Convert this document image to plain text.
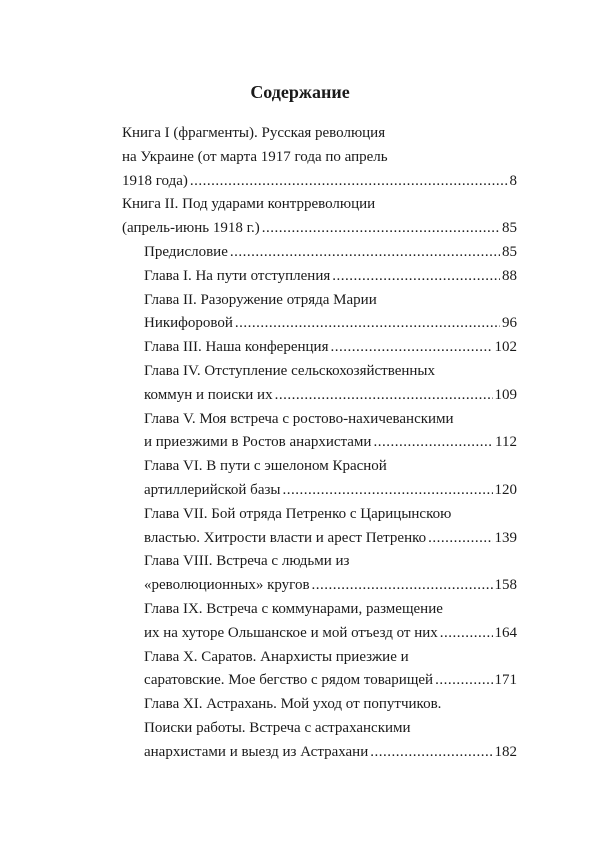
Содержание
Книга I (фрагменты). Русская революция
на Украине (от марта 1917 года по апрель
1918 года) .....	8
Книга II. Под ударами контрреволюции
(апрель-июнь 1918 г.) .....	85
Предисловие .....	85
Глава I. На пути отступления .....	88
Глава II. Разоружение отряда Марии
Никифоровой .....	96
Глава III. Наша конференция .....	102
Глава IV. Отступление сельскохозяйственных
коммун и поиски их .....	109
Глава V. Моя встреча с ростово-нахичеванскими
и приезжими в Ростов анархистами .....	112
Глава VI. В пути с эшелоном Красной
артиллерийской базы .....	120
Глава VII. Бой отряда Петренко с Царицынскою
властью. Хитрости власти и арест Петренко .....	139
Глава VIII. Встреча с людьми из
«революционных» кругов .....	158
Глава IX. Встреча с коммунарами, размещение
их на хуторе Ольшанское и мой отъезд от них .....	164
Глава X. Саратов. Анархисты приезжие и
саратовские. Мое бегство с рядом товарищей .....	171
Глава XI. Астрахань. Мой уход от попутчиков.
Поиски работы. Встреча с астраханскими
анархистами и выезд из Астрахани .....	182
